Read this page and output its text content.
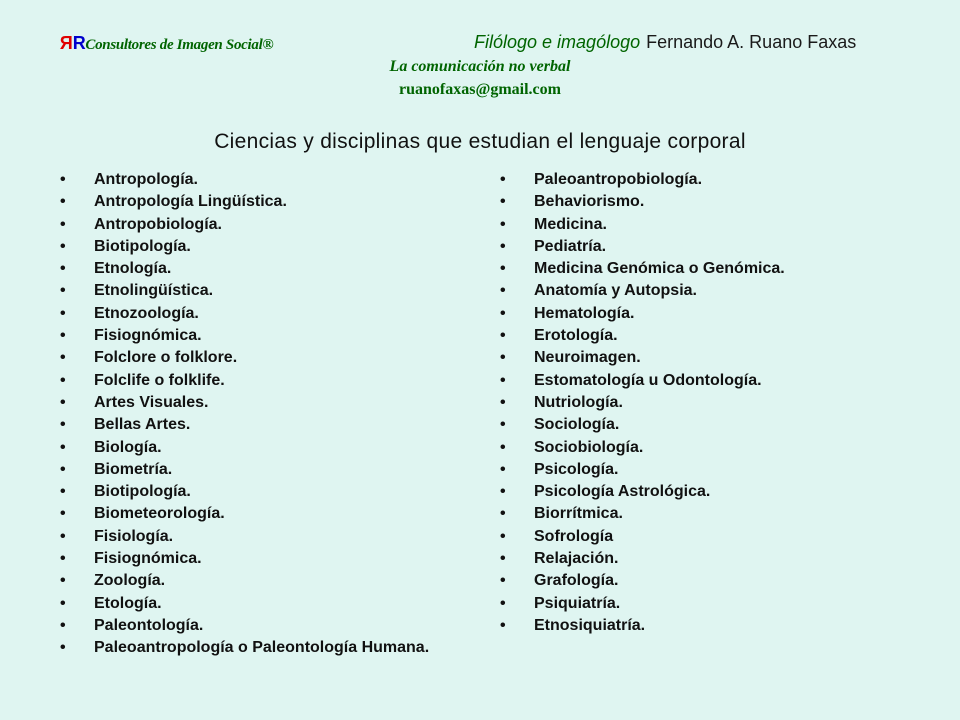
RRConsultores de Imagen Social®	Filólogo e imagólogo Fernando A. Ruano Faxas
La comunicación no verbal
ruanofaxas@gmail.com
Ciencias y disciplinas que estudian el lenguaje corporal
• Antropología.
• Antropología Lingüística.
• Antropobiología.
• Biotipología.
• Etnología.
• Etnolingüística.
• Etnozoología.
• Fisiognómica.
• Folclore o folklore.
• Folclife o folklife.
• Artes Visuales.
• Bellas Artes.
• Biología.
• Biometría.
• Biotipología.
• Biometeorología.
• Fisiología.
• Fisiognómica.
• Zoología.
• Etología.
• Paleontología.
• Paleoantropología o Paleontología Humana.
• Paleoantropobiología.
• Behaviorismo.
• Medicina.
• Pediatría.
• Medicina Genómica o Genómica.
• Anatomía y Autopsia.
• Hematología.
• Erotología.
• Neuroimagen.
• Estomatología u Odontología.
• Nutriología.
• Sociología.
• Sociobiología.
• Psicología.
• Psicología Astrológica.
• Biorrítmica.
• Sofrología
• Relajación.
• Grafología.
• Psiquiatría.
• Etnosiquiatría.
